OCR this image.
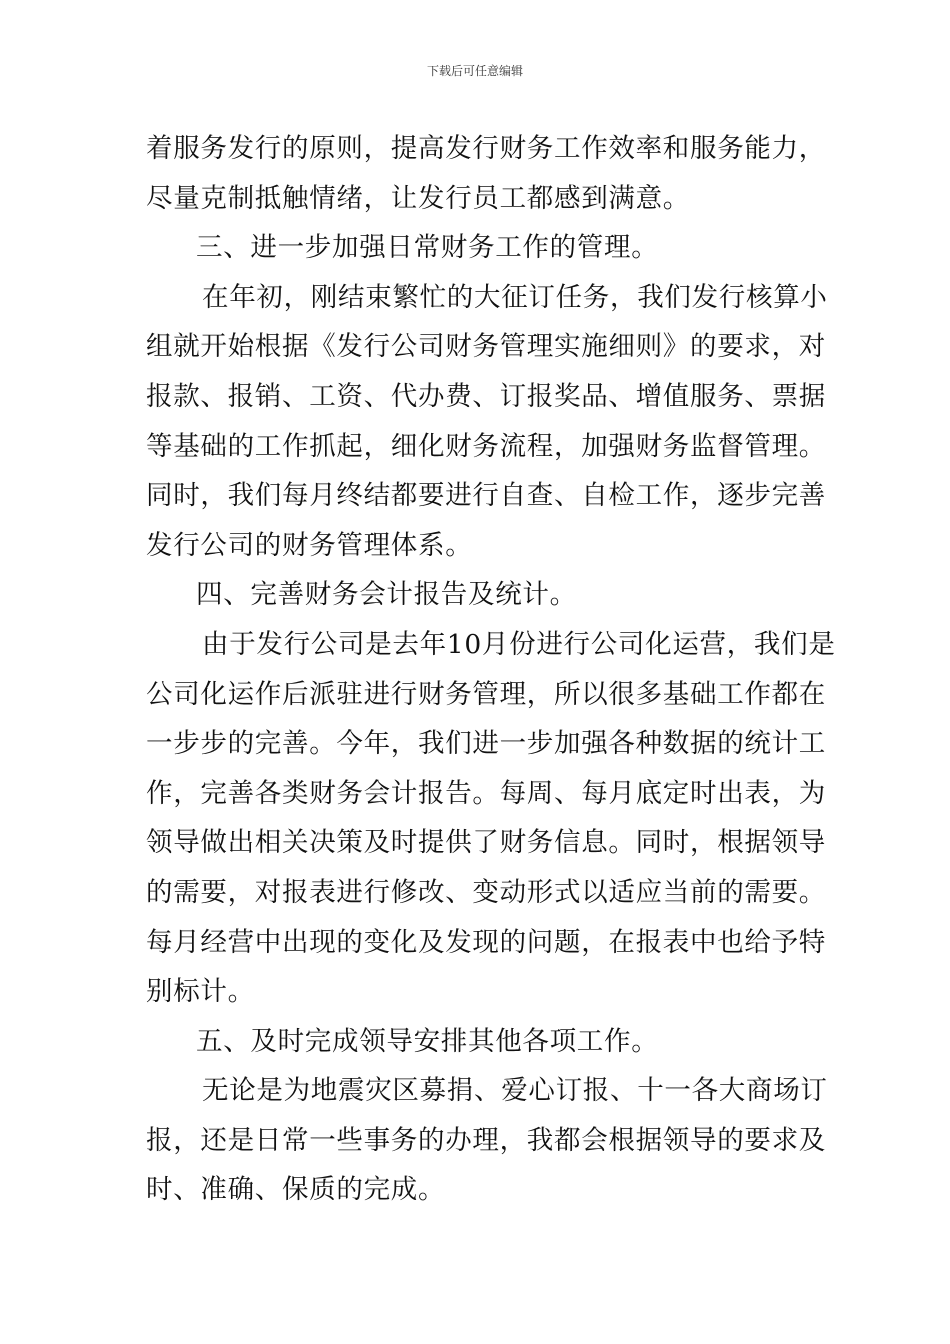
下载后可任意编辑

着服务发行的原则，提高发行财务工作效率和服务能力，

尽量克制抵触情绪，让发行员工都感到满意。

三、进一步加强日常财务工作的管理。

在年初，刚结束繁忙的大征订任务，我们发行核算小

组就开始根据《发行公司财务管理实施细则》的要求，对

报款、报销、工资、代办费、订报奖品、增值服务、票据

等基础的工作抓起，细化财务流程，加强财务监督管理。

同时，我们每月终结都要进行自查、自检工作，逐步完善

发行公司的财务管理体系。

四、完善财务会计报告及统计。

由于发行公司是去年10月份进行公司化运营，我们是

公司化运作后派驻进行财务管理，所以很多基础工作都在

一步步的完善。今年，我们进一步加强各种数据的统计工

作，完善各类财务会计报告。每周、每月底定时出表，为

领导做出相关决策及时提供了财务信息。同时，根据领导

的需要，对报表进行修改、变动形式以适应当前的需要。

每月经营中出现的变化及发现的问题，在报表中也给予特

别标计。

五、及时完成领导安排其他各项工作。

无论是为地震灾区募捐、爱心订报、十一各大商场订

报，还是日常一些事务的办理，我都会根据领导的要求及

时、准确、保质的完成。
